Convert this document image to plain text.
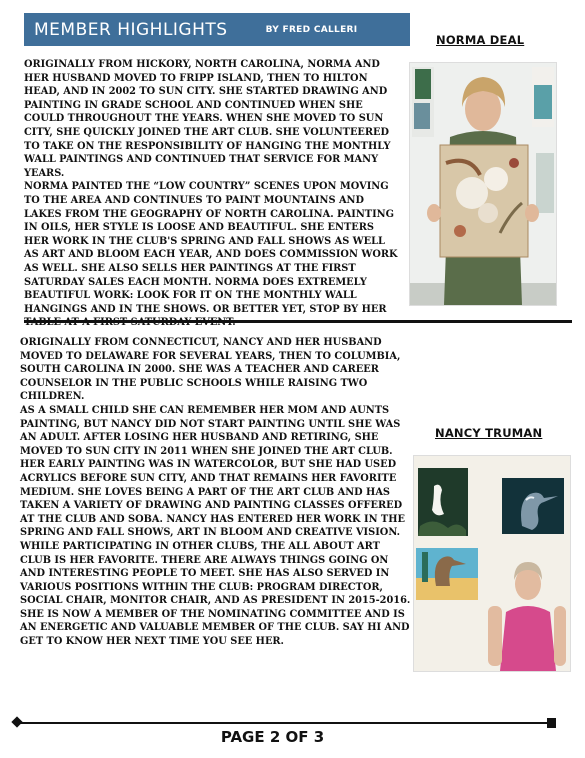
MEMBER HIGHLIGHTS	BY FRED CALLERI
NORMA DEAL

ORIGINALLY FROM HICKORY, NORTH CAROLINA, NORMA AND HER HUSBAND MOVED TO FRIPP ISLAND, THEN TO HILTON HEAD, AND IN 2002 TO SUN CITY. SHE STARTED DRAWING AND PAINTING IN GRADE SCHOOL AND CONTINUED WHEN SHE COULD THROUGHOUT THE YEARS. WHEN SHE MOVED TO SUN CITY, SHE QUICKLY JOINED THE ART CLUB. SHE VOLUNTEERED TO TAKE ON THE RESPONSIBILITY OF HANGING THE MONTHLY WALL PAINTINGS AND CONTINUED THAT SERVICE FOR MANY YEARS.
NORMA PAINTED THE “LOW COUNTRY” SCENES UPON MOVING TO THE AREA AND CONTINUES TO PAINT MOUNTAINS AND LAKES FROM THE GEOGRAPHY OF NORTH CAROLINA. PAINTING IN OILS, HER STYLE IS LOOSE AND BEAUTIFUL. SHE ENTERS HER WORK IN THE CLUB'S SPRING AND FALL SHOWS AS WELL AS ART AND BLOOM EACH YEAR, AND DOES COMMISSION WORK AS WELL. SHE ALSO SELLS HER PAINTINGS AT THE FIRST SATURDAY SALES EACH MONTH. NORMA DOES EXTREMELY BEAUTIFUL WORK: LOOK FOR IT ON THE MONTHLY WALL HANGINGS AND IN THE SHOWS. OR BETTER YET, STOP BY HER

ORIGINALLY FROM CONNECTICUT, NANCY AND HER HUSBAND MOVED TO DELAWARE FOR SEVERAL YEARS, THEN TO COLUMBIA, SOUTH CAROLINA IN 2000. SHE WAS A TEACHER AND CAREER COUNSELOR IN THE PUBLIC SCHOOLS WHILE RAISING TWO CHILDREN.
AS A SMALL CHILD SHE CAN REMEMBER HER MOM AND AUNTS PAINTING, BUT NANCY DID NOT START PAINTING UNTIL SHE WAS AN ADULT. AFTER LOSING HER HUSBAND AND RETIRING, SHE MOVED TO SUN CITY IN 2011 WHEN SHE JOINED THE ART CLUB. HER EARLY PAINTING WAS IN WATERCOLOR, BUT SHE HAD USED ACRYLICS BEFORE SUN CITY, AND THAT REMAINS HER FAVORITE MEDIUM. SHE LOVES BEING A PART OF THE ART CLUB AND HAS TAKEN A VARIETY OF DRAWING AND PAINTING CLASSES OFFERED AT THE CLUB AND SOBA. NANCY HAS ENTERED HER WORK IN THE SPRING AND FALL SHOWS, ART IN BLOOM AND CREATIVE VISION. WHILE PARTICIPATING IN OTHER CLUBS, THE ALL ABOUT ART CLUB IS HER FAVORITE. THERE ARE ALWAYS THINGS GOING ON AND INTERESTING PEOPLE TO MEET. SHE HAS ALSO SERVED IN VARIOUS POSITIONS WITHIN THE CLUB: PROGRAM DIRECTOR, SOCIAL CHAIR, MONITOR CHAIR, AND AS PRESIDENT IN 2015-2016. SHE IS NOW A MEMBER OF THE NOMINATING COMMITTEE AND IS AN ENERGETIC AND VALUABLE MEMBER OF THE CLUB. SAY HI AND GET TO KNOW HER NEXT TIME YOU SEE HER.

NANCY TRUMAN
PAGE 2 OF 3
